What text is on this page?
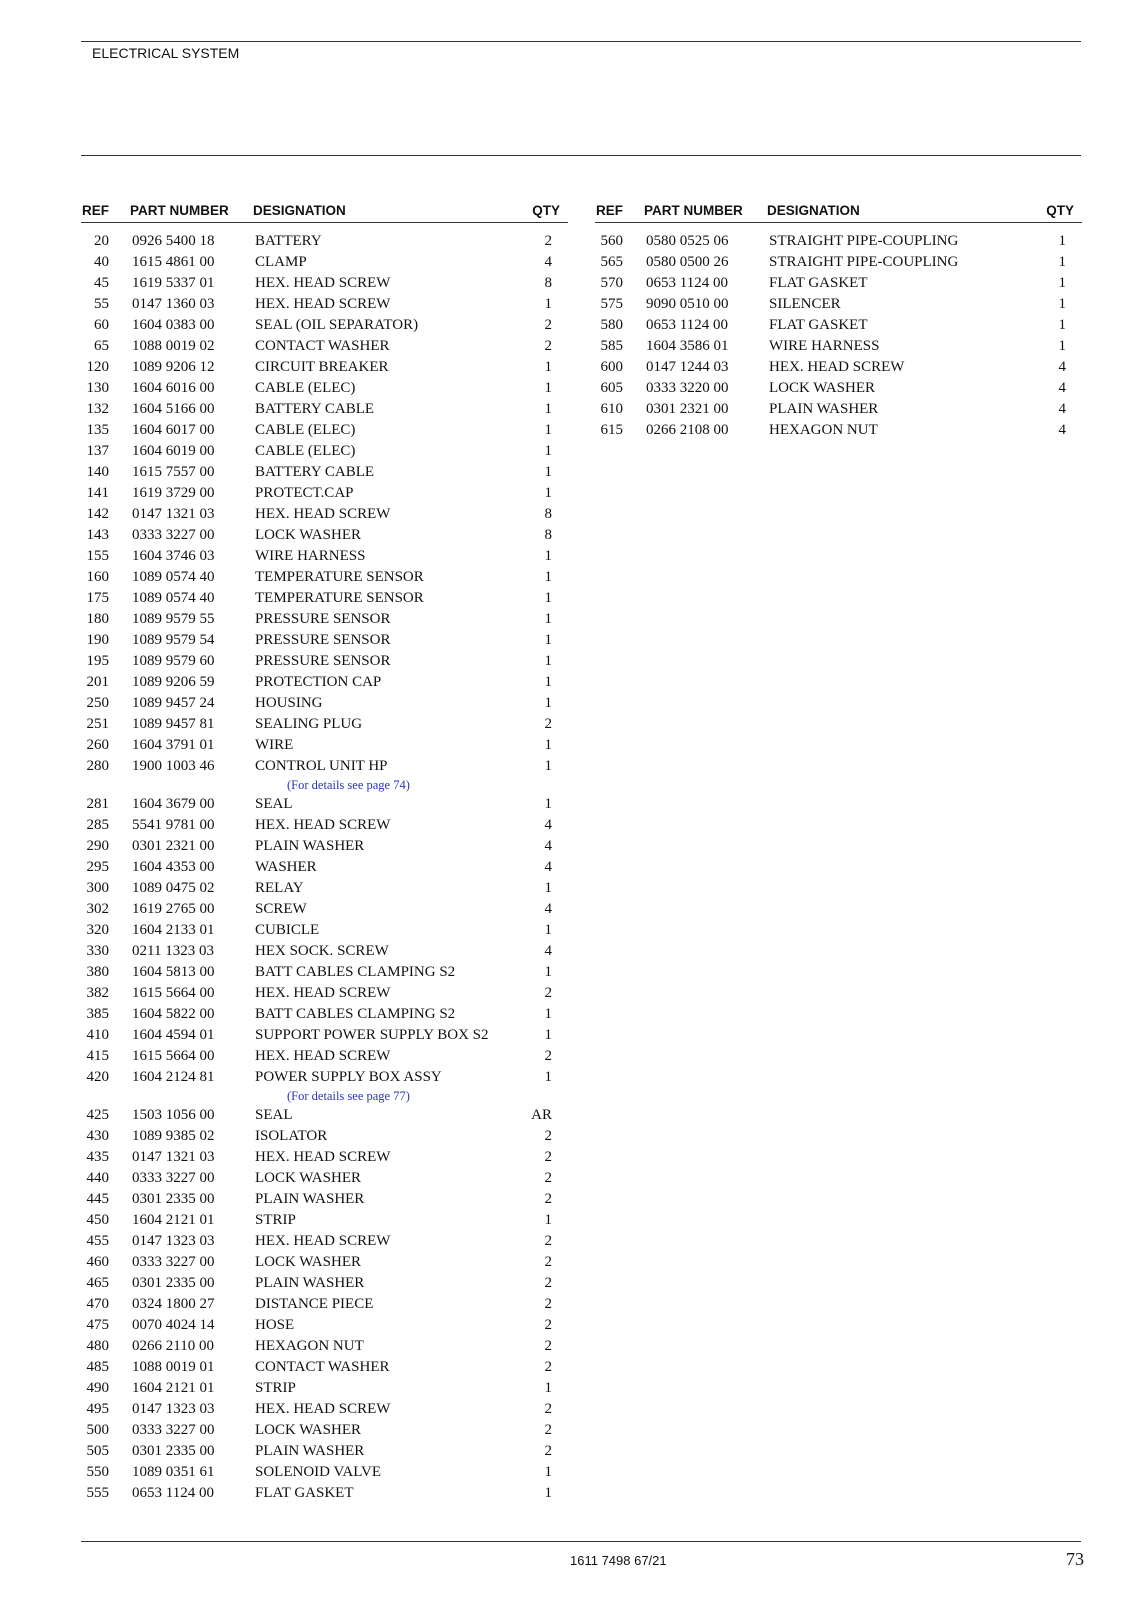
ELECTRICAL SYSTEM
REF PART NUMBER DESIGNATION	QTY
20 0926 5400 18	BATTERY	2
40 1615 4861 00	CLAMP	4
45 1619 5337 01	HEX. HEAD SCREW	8
55 0147 1360 03	HEX. HEAD SCREW	1
60 1604 0383 00	SEAL (OIL SEPARATOR)	2
65 1088 0019 02	CONTACT WASHER	2
120 1089 9206 12	CIRCUIT BREAKER	1
130 1604 6016 00	CABLE (ELEC)	1
132 1604 5166 00	BATTERY CABLE	1
135 1604 6017 00	CABLE (ELEC)	1
137 1604 6019 00	CABLE (ELEC)	1
140 1615 7557 00	BATTERY CABLE	1
141 1619 3729 00	PROTECT.CAP	1
142 0147 1321 03	HEX. HEAD SCREW	8
143 0333 3227 00	LOCK WASHER	8
155 1604 3746 03	WIRE HARNESS	1
160 1089 0574 40	TEMPERATURE SENSOR	1
175 1089 0574 40	TEMPERATURE SENSOR	1
180 1089 9579 55	PRESSURE SENSOR	1
190 1089 9579 54	PRESSURE SENSOR	1
195 1089 9579 60	PRESSURE SENSOR	1
201 1089 9206 59	PROTECTION CAP	1
250 1089 9457 24	HOUSING	1
251 1089 9457 81	SEALING PLUG	2
260 1604 3791 01	WIRE	1
280 1900 1003 46	CONTROL UNIT HP	1
(For details see page 74)
281 1604 3679 00	SEAL	1
285 5541 9781 00	HEX. HEAD SCREW	4
290 0301 2321 00	PLAIN WASHER	4
295 1604 4353 00	WASHER	4
300 1089 0475 02	RELAY	1
302 1619 2765 00	SCREW	4
320 1604 2133 01	CUBICLE	1
330 0211 1323 03	HEX SOCK. SCREW	4
380 1604 5813 00	BATT CABLES CLAMPING S2	1
382 1615 5664 00	HEX. HEAD SCREW	2
385 1604 5822 00	BATT CABLES CLAMPING S2	1
410 1604 4594 01	SUPPORT POWER SUPPLY BOX S2	1
415 1615 5664 00	HEX. HEAD SCREW	2
420 1604 2124 81	POWER SUPPLY BOX ASSY	1
(For details see page 77)
425 1503 1056 00	SEAL	AR
430 1089 9385 02	ISOLATOR	2
435 0147 1321 03	HEX. HEAD SCREW	2
440 0333 3227 00	LOCK WASHER	2
445 0301 2335 00	PLAIN WASHER	2
450 1604 2121 01	STRIP	1
455 0147 1323 03	HEX. HEAD SCREW	2
460 0333 3227 00	LOCK WASHER	2
465 0301 2335 00	PLAIN WASHER	2
470 0324 1800 27	DISTANCE PIECE	2
475 0070 4024 14	HOSE	2
480 0266 2110 00	HEXAGON NUT	2
485 1088 0019 01	CONTACT WASHER	2
490 1604 2121 01	STRIP	1
495 0147 1323 03	HEX. HEAD SCREW	2
500 0333 3227 00	LOCK WASHER	2
505 0301 2335 00	PLAIN WASHER	2
550 1089 0351 61	SOLENOID VALVE	1
555 0653 1124 00	FLAT GASKET	1
REF PART NUMBER DESIGNATION	QTY
560 0580 0525 06	STRAIGHT PIPE-COUPLING	1
565 0580 0500 26	STRAIGHT PIPE-COUPLING	1
570 0653 1124 00	FLAT GASKET	1
575 9090 0510 00	SILENCER	1
580 0653 1124 00	FLAT GASKET	1
585 1604 3586 01	WIRE HARNESS	1
600 0147 1244 03	HEX. HEAD SCREW	4
605 0333 3220 00	LOCK WASHER	4
610 0301 2321 00	PLAIN WASHER	4
615 0266 2108 00	HEXAGON NUT	4
1611 7498 67/21	73
